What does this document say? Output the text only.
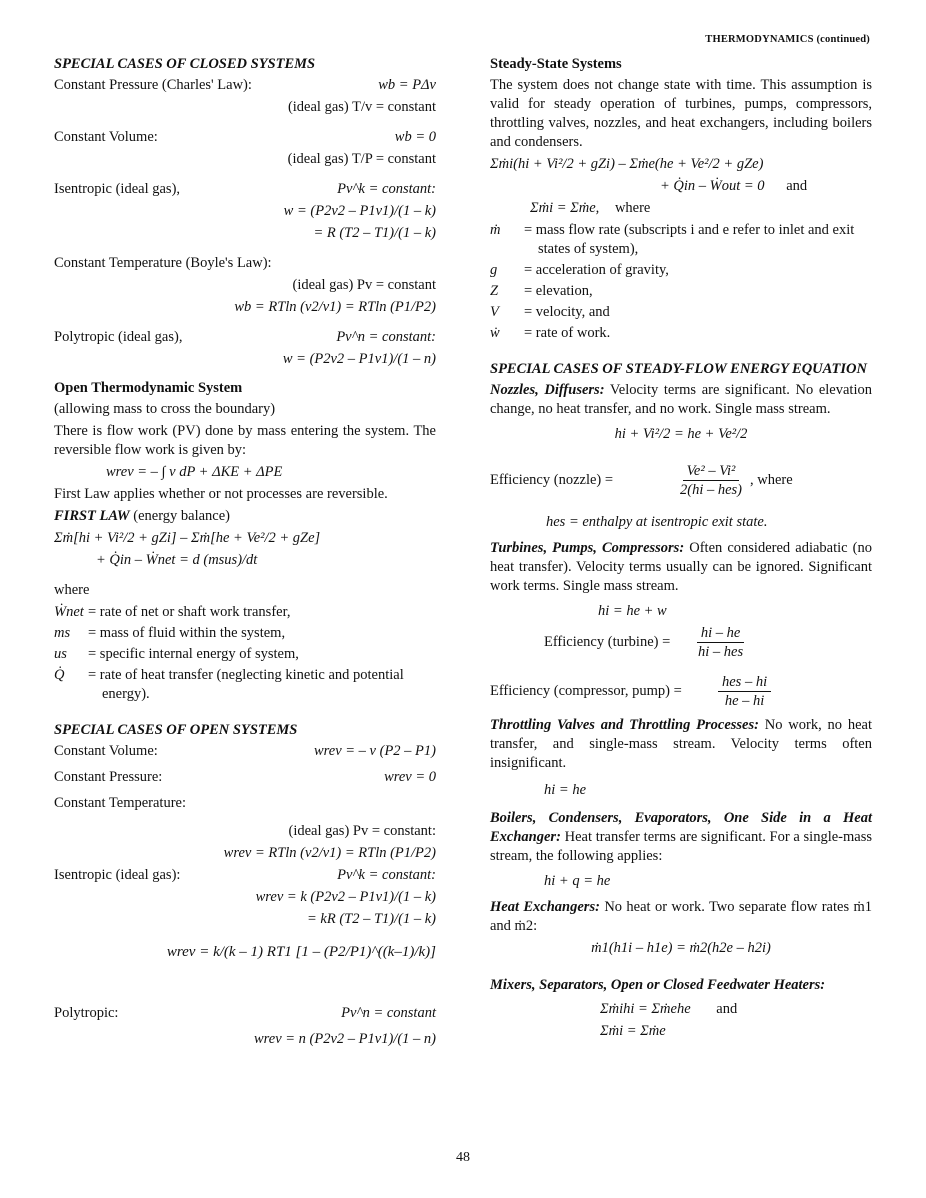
THERMODYNAMICS (continued)
SPECIAL CASES OF CLOSED SYSTEMS
Constant Pressure (Charles' Law):	wb = PΔv
(ideal gas) T/v = constant
Constant Volume:	wb = 0
(ideal gas) T/P = constant
Isentropic (ideal gas),	Pv^k = constant:
w = (P2v2 – P1v1)/(1 – k)
= R (T2 – T1)/(1 – k)
Constant Temperature (Boyle's Law):
(ideal gas) Pv = constant
wb = RTln (v2/v1) = RTln (P1/P2)
Polytropic (ideal gas),	Pv^n = constant:
w = (P2v2 – P1v1)/(1 – n)
Open Thermodynamic System
(allowing mass to cross the boundary)
There is flow work (PV) done by mass entering the system. The reversible flow work is given by:
wrev = – ∫ v dP + ΔKE + ΔPE
First Law applies whether or not processes are reversible.
FIRST LAW (energy balance)
Σṁ[hi + Vi²/2 + gZi] – Σṁ[he + Ve²/2 + gZe]
+ Q̇in – Ẇnet = d (msus)/dt
where
Ẇnet = rate of net or shaft work transfer,
ms	= mass of fluid within the system,
us	= specific internal energy of system,
Q̇	= rate of heat transfer (neglecting kinetic and potential energy).
SPECIAL CASES OF OPEN SYSTEMS
Constant Volume:	wrev = – v (P2 – P1)
Constant Pressure:	wrev = 0
Constant Temperature:
(ideal gas) Pv = constant:
wrev = RTln (v2/v1) = RTln (P1/P2)
Isentropic (ideal gas):	Pv^k = constant:
wrev = k (P2v2 – P1v1)/(1 – k)
= kR (T2 – T1)/(1 – k)
wrev = k/(k – 1) RT1 [1 – (P2/P1)^((k–1)/k)]
Polytropic:	Pv^n = constant
wrev = n (P2v2 – P1v1)/(1 – n)
Steady-State Systems
The system does not change state with time. This assumption is valid for steady operation of turbines, pumps, compressors, throttling valves, nozzles, and heat exchangers, including boilers and condensers.
Σṁi(hi + Vi²/2 + gZi) – Σṁe(he + Ve²/2 + gZe)
+ Q̇in – Ẇout = 0 and
Σṁi = Σṁe, where
ṁ	= mass flow rate (subscripts i and e refer to inlet and exit states of system),
g	= acceleration of gravity,
Z	= elevation,
V	= velocity, and
ẇ	= rate of work.
SPECIAL CASES OF STEADY-FLOW ENERGY EQUATION
Nozzles, Diffusers: Velocity terms are significant. No elevation change, no heat transfer, and no work. Single mass stream.
hi + Vi²/2 = he + Ve²/2
Efficiency (nozzle) =	$\frac{\text{Ve² – Vi²}}{\text{2(hi – hes)}}$ , where
hes = enthalpy at isentropic exit state.
Turbines, Pumps, Compressors: Often considered adiabatic (no heat transfer). Velocity terms usually can be ignored. Significant work terms. Single mass stream.
hi = he + w
Efficiency (turbine) =	$\frac{hi - he}{\text{hi – hes}}$
Efficiency (compressor, pump) =	$\frac{\text{hes – hi}}{he - hi}$
Throttling Valves and Throttling Processes: No work, no heat transfer, and single-mass stream. Velocity terms often insignificant.
hi = he
Boilers, Condensers, Evaporators, One Side in a Heat Exchanger: Heat transfer terms are significant. For a single-mass stream, the following applies:
hi + q = he
Heat Exchangers: No heat or work. Two separate flow rates ṁ1 and ṁ2:
ṁ1(h1i – h1e) = ṁ2(h2e – h2i)
Mixers, Separators, Open or Closed Feedwater Heaters:
Σṁihi = Σṁehe and
Σṁi = Σṁe
48
